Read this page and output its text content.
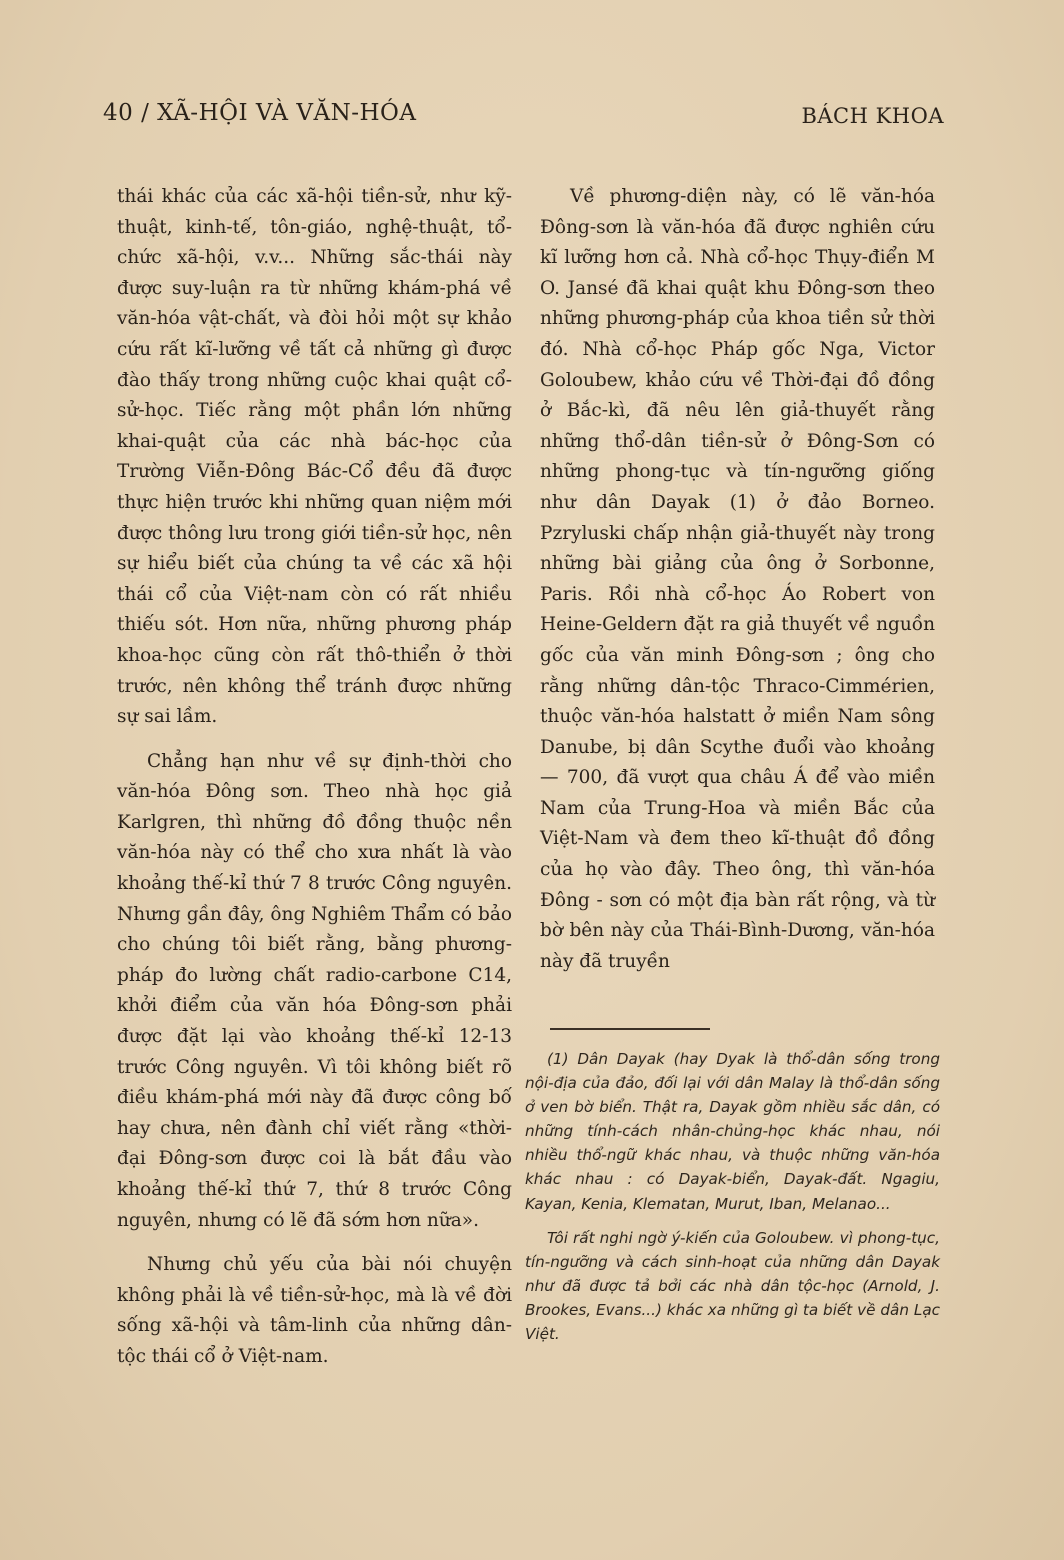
40 / XÃ-HỘI VÀ VĂN-HÓA	BÁCH KHOA

thái khác của các xã-hội tiền-sử, như kỹ-thuật, kinh-tế, tôn-giáo, nghệ-thuật, tổ-chức xã-hội, v.v... Những sắc-thái này được suy-luận ra từ những khám-phá về văn-hóa vật-chất, và đòi hỏi một sự khảo cứu rất kĩ-lưỡng về tất cả những gì được đào thấy trong những cuộc khai quật cổ-sử-học. Tiếc rằng một phần lớn những khai-quật của các nhà bác-học của Trường Viễn-Đông Bác-Cổ đều đã được thực hiện trước khi những quan niệm mới được thông lưu trong giới tiền-sử học, nên sự hiểu biết của chúng ta về các xã hội thái cổ của Việt-nam còn có rất nhiều thiếu sót. Hơn nữa, những phương pháp khoa-học cũng còn rất thô-thiển ở thời trước, nên không thể tránh được những sự sai lầm.

Chẳng hạn như về sự định-thời cho văn-hóa Đông sơn. Theo nhà học giả Karlgren, thì những đồ đồng thuộc nền văn-hóa này có thể cho xưa nhất là vào khoảng thế-kỉ thứ 7 8 trước Công nguyên. Nhưng gần đây, ông Nghiêm Thẩm có bảo cho chúng tôi biết rằng, bằng phương-pháp đo lường chất radio-carbone C14, khởi điểm của văn hóa Đông-sơn phải được đặt lại vào khoảng thế-kỉ 12-13 trước Công nguyên. Vì tôi không biết rõ điều khám-phá mới này đã được công bố hay chưa, nên đành chỉ viết rằng «thời-đại Đông-sơn được coi là bắt đầu vào khoảng thế-kỉ thứ 7, thứ 8 trước Công nguyên, nhưng có lẽ đã sớm hơn nữa».

Nhưng chủ yếu của bài nói chuyện không phải là về tiền-sử-học, mà là về đời sống xã-hội và tâm-linh của những dân-tộc thái cổ ở Việt-nam.

Về phương-diện này, có lẽ văn-hóa Đông-sơn là văn-hóa đã được nghiên cứu kĩ lưỡng hơn cả. Nhà cổ-học Thụy-điển M O. Jansé đã khai quật khu Đông-sơn theo những phương-pháp của khoa tiền sử thời đó. Nhà cổ-học Pháp gốc Nga, Victor Goloubew, khảo cứu về Thời-đại đồ đồng ở Bắc-kì, đã nêu lên giả-thuyết rằng những thổ-dân tiền-sử ở Đông-Sơn có những phong-tục và tín-ngưỡng giống như dân Dayak (1) ở đảo Borneo. Pzryluski chấp nhận giả-thuyết này trong những bài giảng của ông ở Sorbonne, Paris. Rồi nhà cổ-học Áo Robert von Heine-Geldern đặt ra giả thuyết về nguồn gốc của văn minh Đông-sơn ; ông cho rằng những dân-tộc Thraco-Cimmérien, thuộc văn-hóa halstatt ở miền Nam sông Danube, bị dân Scythe đuổi vào khoảng — 700, đã vượt qua châu Á để vào miền Nam của Trung-Hoa và miền Bắc của Việt-Nam và đem theo kĩ-thuật đồ đồng của họ vào đây. Theo ông, thì văn-hóa Đông - sơn có một địa bàn rất rộng, và từ bờ bên này của Thái-Bình-Dương, văn-hóa này đã truyền

(1) Dân Dayak (hay Dyak là thổ-dân sống trong nội-địa của đảo, đối lại với dân Malay là thổ-dân sống ở ven bờ biển. Thật ra, Dayak gồm nhiều sắc dân, có những tính-cách nhân-chủng-học khác nhau, nói nhiều thổ-ngữ khác nhau, và thuộc những văn-hóa khác nhau : có Dayak-biển, Dayak-đất. Ngagiu, Kayan, Kenia, Klematan, Murut, Iban, Melanao...

Tôi rất nghi ngờ ý-kiến của Goloubew. vì phong-tục, tín-ngưỡng và cách sinh-hoạt của những dân Dayak như đã được tả bởi các nhà dân tộc-học (Arnold, J. Brookes, Evans...) khác xa những gì ta biết về dân Lạc Việt.
